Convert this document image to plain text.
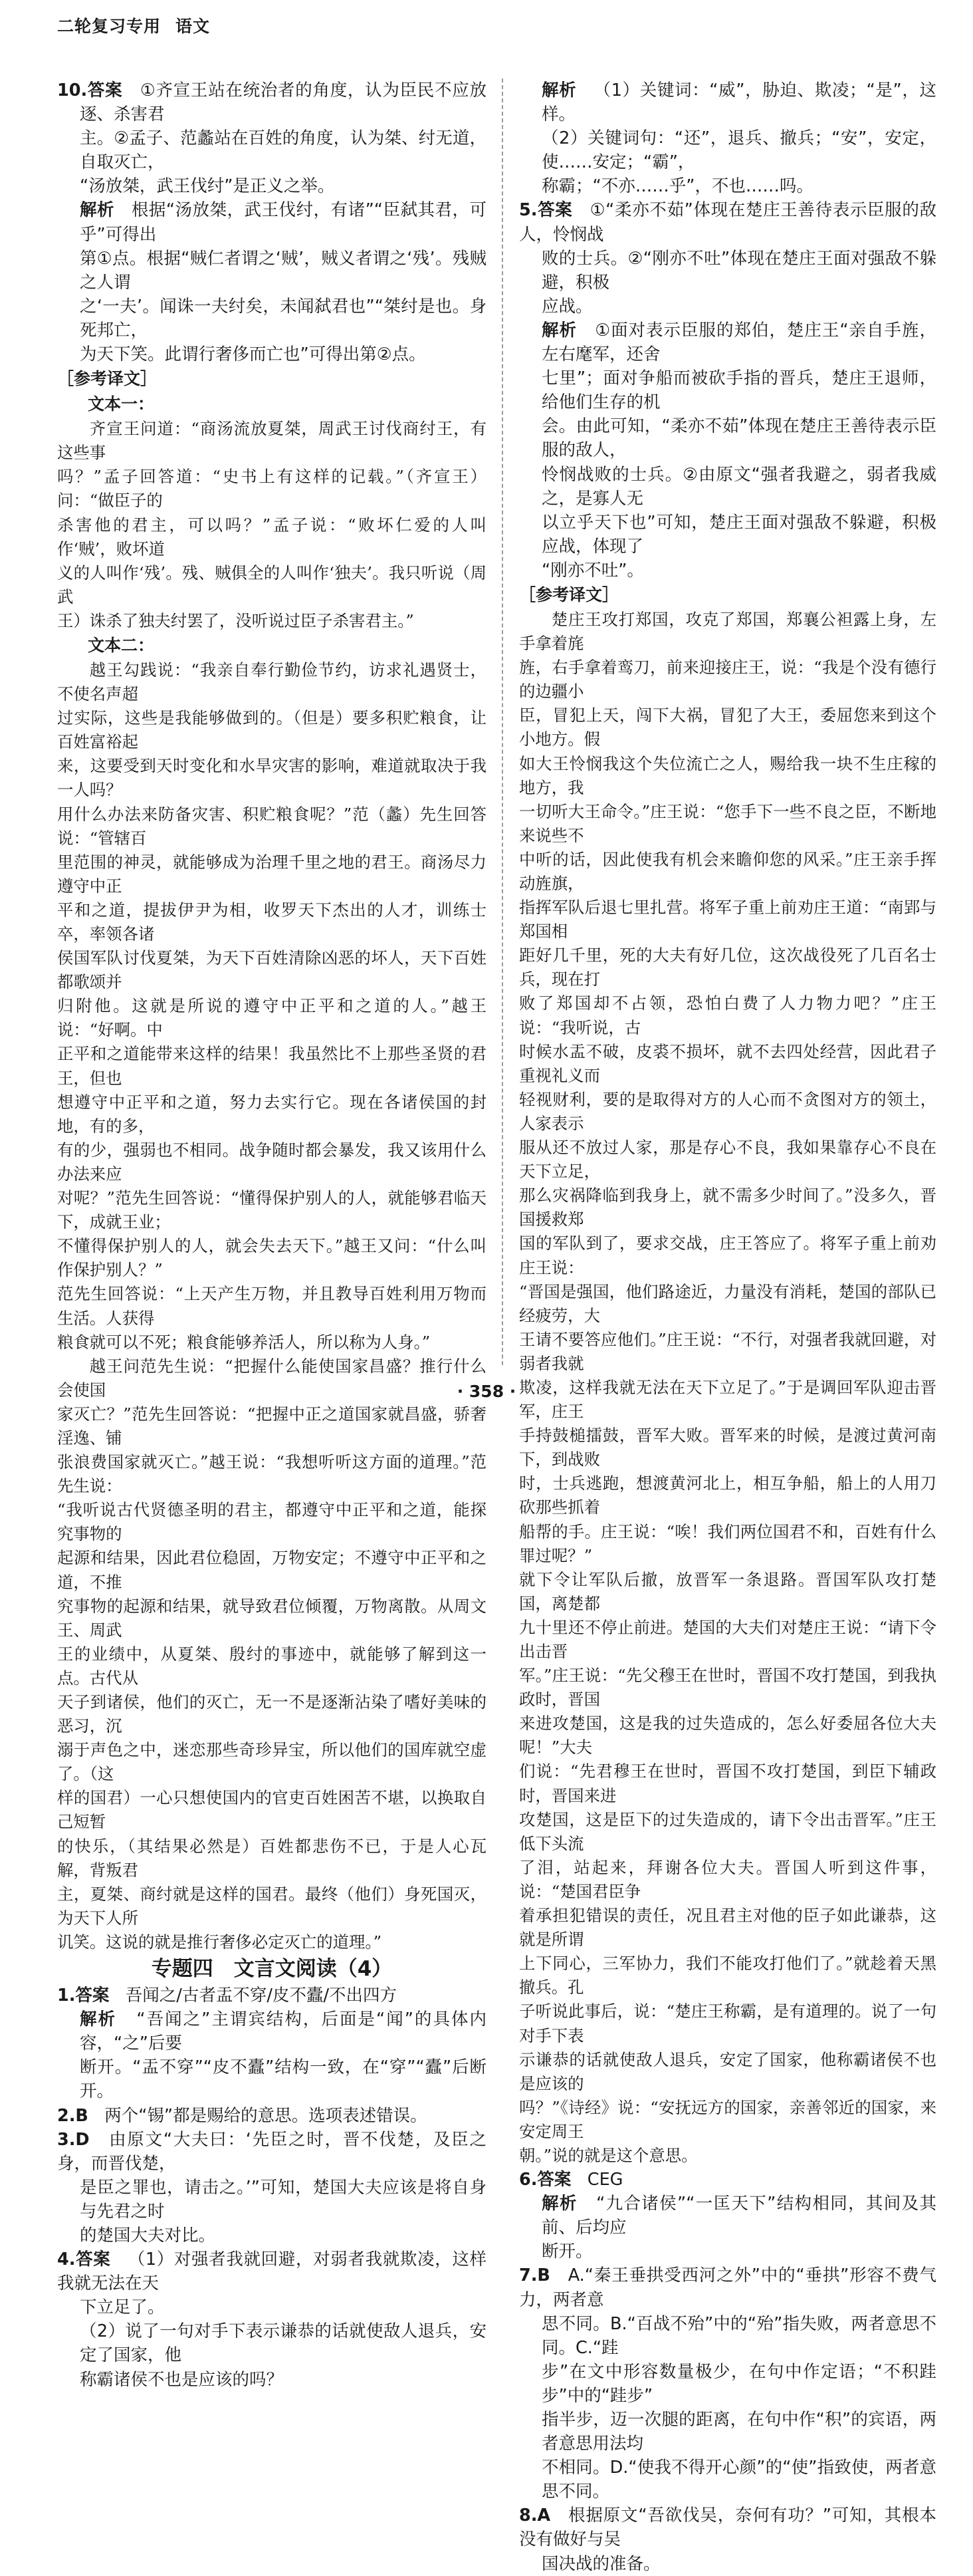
二轮复习专用 语文

10.答案 ①齐宣王站在统治者的角度，认为臣民不应放逐、杀害君

主。②孟子、范蠡站在百姓的角度，认为桀、纣无道，自取灭亡，

“汤放桀，武王伐纣”是正义之举。

解析 根据“汤放桀，武王伐纣，有诸”“臣弑其君，可乎”可得出

第①点。根据“贼仁者谓之‘贼’，贼义者谓之‘残’。残贼之人谓

之‘一夫’。闻诛一夫纣矣，未闻弑君也”“桀纣是也。身死邦亡，

为天下笑。此谓行奢侈而亡也”可得出第②点。

［参考译文］

文本一：

齐宣王问道：“商汤流放夏桀，周武王讨伐商纣王，有这些事

吗？”孟子回答道：“史书上有这样的记载。”（齐宣王）问：“做臣子的

杀害他的君主，可以吗？”孟子说：“败坏仁爱的人叫作‘贼’，败坏道

义的人叫作‘残’。残、贼俱全的人叫作‘独夫’。我只听说（周武

王）诛杀了独夫纣罢了，没听说过臣子杀害君主。”

文本二：

越王勾践说：“我亲自奉行勤俭节约，访求礼遇贤士，不使名声超

过实际，这些是我能够做到的。（但是）要多积贮粮食，让百姓富裕起

来，这要受到天时变化和水旱灾害的影响，难道就取决于我一人吗？

用什么办法来防备灾害、积贮粮食呢？”范（蠡）先生回答说：“管辖百

里范围的神灵，就能够成为治理千里之地的君王。商汤尽力遵守中正

平和之道，提拔伊尹为相，收罗天下杰出的人才，训练士卒，率领各诸

侯国军队讨伐夏桀，为天下百姓清除凶恶的坏人，天下百姓都歌颂并

归附他。这就是所说的遵守中正平和之道的人。”越王说：“好啊。中

正平和之道能带来这样的结果！我虽然比不上那些圣贤的君王，但也

想遵守中正平和之道，努力去实行它。现在各诸侯国的封地，有的多，

有的少，强弱也不相同。战争随时都会暴发，我又该用什么办法来应

对呢？”范先生回答说：“懂得保护别人的人，就能够君临天下，成就王业；

不懂得保护别人的人，就会失去天下。”越王又问：“什么叫作保护别人？”

范先生回答说：“上天产生万物，并且教导百姓利用万物而生活。人获得

粮食就可以不死；粮食能够养活人，所以称为人身。”

越王问范先生说：“把握什么能使国家昌盛？推行什么会使国

家灭亡？”范先生回答说：“把握中正之道国家就昌盛，骄奢淫逸、铺

张浪费国家就灭亡。”越王说：“我想听听这方面的道理。”范先生说：

“我听说古代贤德圣明的君主，都遵守中正平和之道，能探究事物的

起源和结果，因此君位稳固，万物安定；不遵守中正平和之道，不推

究事物的起源和结果，就导致君位倾覆，万物离散。从周文王、周武

王的业绩中，从夏桀、殷纣的事迹中，就能够了解到这一点。古代从

天子到诸侯，他们的灭亡，无一不是逐渐沾染了嗜好美味的恶习，沉

溺于声色之中，迷恋那些奇珍异宝，所以他们的国库就空虚了。（这

样的国君）一心只想使国内的官吏百姓困苦不堪，以换取自己短暂

的快乐，（其结果必然是）百姓都悲伤不已，于是人心瓦解，背叛君

主，夏桀、商纣就是这样的国君。最终（他们）身死国灭，为天下人所

讥笑。这说的就是推行奢侈必定灭亡的道理。”

专题四　文言文阅读（4）

1.答案 吾闻之/古者盂不穿/皮不蠹/不出四方

解析 “吾闻之”主谓宾结构，后面是“闻”的具体内容，“之”后要

断开。“盂不穿”“皮不蠹”结构一致，在“穿”“蠹”后断开。

2.B 两个“锡”都是赐给的意思。选项表述错误。

3.D 由原文“大夫曰：‘先臣之时，晋不伐楚，及臣之身，而晋伐楚，

是臣之罪也，请击之。’”可知，楚国大夫应该是将自身与先君之时

的楚国大夫对比。

4.答案 （1）对强者我就回避，对弱者我就欺凌，这样我就无法在天

下立足了。

（2）说了一句对手下表示谦恭的话就使敌人退兵，安定了国家，他

称霸诸侯不也是应该的吗？

解析 （1）关键词：“威”，胁迫、欺凌；“是”，这样。

（2）关键词句：“还”，退兵、撤兵；“安”，安定，使……安定；“霸”，

称霸；“不亦……乎”，不也……吗。

5.答案 ①“柔亦不茹”体现在楚庄王善待表示臣服的敌人，怜悯战

败的士兵。②“刚亦不吐”体现在楚庄王面对强敌不躲避，积极

应战。

解析 ①面对表示臣服的郑伯，楚庄王“亲自手旌，左右麾军，还舍

七里”；面对争船而被砍手指的晋兵，楚庄王退师，给他们生存的机

会。由此可知，“柔亦不茹”体现在楚庄王善待表示臣服的敌人，

怜悯战败的士兵。②由原文“强者我避之，弱者我威之，是寡人无

以立乎天下也”可知，楚庄王面对强敌不躲避，积极应战，体现了

“刚亦不吐”。

［参考译文］

楚庄王攻打郑国，攻克了郑国，郑襄公袒露上身，左手拿着旄

旌，右手拿着鸾刀，前来迎接庄王，说：“我是个没有德行的边疆小

臣，冒犯上天，闯下大祸，冒犯了大王，委屈您来到这个小地方。假

如大王怜悯我这个失位流亡之人，赐给我一块不生庄稼的地方，我

一切听大王命令。”庄王说：“您手下一些不良之臣，不断地来说些不

中听的话，因此使我有机会来瞻仰您的风采。”庄王亲手挥动旌旗，

指挥军队后退七里扎营。将军子重上前劝庄王道：“南郢与郑国相

距好几千里，死的大夫有好几位，这次战役死了几百名士兵，现在打

败了郑国却不占领，恐怕白费了人力物力吧？”庄王说：“我听说，古

时候水盂不破，皮裘不损坏，就不去四处经营，因此君子重视礼义而

轻视财利，要的是取得对方的人心而不贪图对方的领土，人家表示

服从还不放过人家，那是存心不良，我如果靠存心不良在天下立足，

那么灾祸降临到我身上，就不需多少时间了。”没多久，晋国援救郑

国的军队到了，要求交战，庄王答应了。将军子重上前劝庄王说：

“晋国是强国，他们路途近，力量没有消耗，楚国的部队已经疲劳，大

王请不要答应他们。”庄王说：“不行，对强者我就回避，对弱者我就

欺凌，这样我就无法在天下立足了。”于是调回军队迎击晋军，庄王

手持鼓槌擂鼓，晋军大败。晋军来的时候，是渡过黄河南下，到战败

时，士兵逃跑，想渡黄河北上，相互争船，船上的人用刀砍那些抓着

船帮的手。庄王说：“唉！我们两位国君不和，百姓有什么罪过呢？”

就下令让军队后撤，放晋军一条退路。晋国军队攻打楚国，离楚都

九十里还不停止前进。楚国的大夫们对楚庄王说：“请下令出击晋

军。”庄王说：“先父穆王在世时，晋国不攻打楚国，到我执政时，晋国

来进攻楚国，这是我的过失造成的，怎么好委屈各位大夫呢！”大夫

们说：“先君穆王在世时，晋国不攻打楚国，到臣下辅政时，晋国来进

攻楚国，这是臣下的过失造成的，请下令出击晋军。”庄王低下头流

了泪，站起来，拜谢各位大夫。晋国人听到这件事，说：“楚国君臣争

着承担犯错误的责任，况且君主对他的臣子如此谦恭，这就是所谓

上下同心，三军协力，我们不能攻打他们了。”就趁着天黑撤兵。孔

子听说此事后，说：“楚庄王称霸，是有道理的。说了一句对手下表

示谦恭的话就使敌人退兵，安定了国家，他称霸诸侯不也是应该的

吗？”《诗经》说：“安抚远方的国家，亲善邻近的国家，来安定周王

朝。”说的就是这个意思。

6.答案 CEG

解析 “九合诸侯”“一匡天下”结构相同，其间及其前、后均应

断开。

7.B A.“秦王垂拱受西河之外”中的“垂拱”形容不费气力，两者意

思不同。B.“百战不殆”中的“殆”指失败，两者意思不同。C.“跬

步”在文中形容数量极少，在句中作定语；“不积跬步”中的“跬步”

指半步，迈一次腿的距离，在句中作“积”的宾语，两者意思用法均

不相同。D.“使我不得开心颜”的“使”指致使，两者意思不同。

8.A 根据原文“吾欲伐吴，奈何有功？”可知，其根本没有做好与吴

国决战的准备。

· 358 ·
